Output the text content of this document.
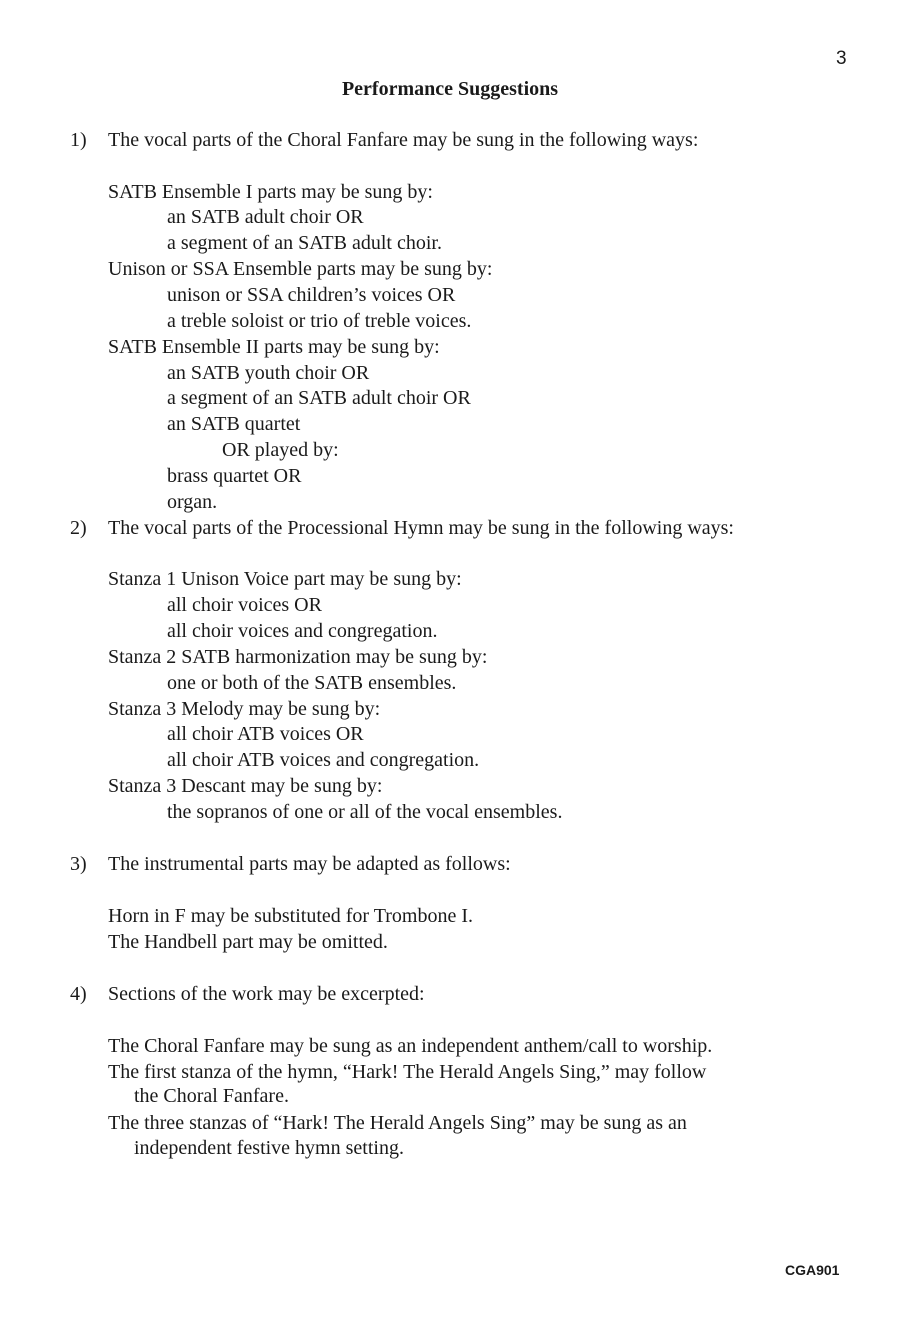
3
Performance Suggestions
1) The vocal parts of the Choral Fanfare may be sung in the following ways:
SATB Ensemble I parts may be sung by:
an SATB adult choir OR
a segment of an SATB adult choir.
Unison or SSA Ensemble parts may be sung by:
unison or SSA children’s voices OR
a treble soloist or trio of treble voices.
SATB Ensemble II parts may be sung by:
an SATB youth choir OR
a segment of an SATB adult choir OR
an SATB quartet
OR played by:
brass quartet OR
organ.
2) The vocal parts of the Processional Hymn may be sung in the following ways:
Stanza 1 Unison Voice part may be sung by:
all choir voices OR
all choir voices and congregation.
Stanza 2 SATB harmonization may be sung by:
one or both of the SATB ensembles.
Stanza 3 Melody may be sung by:
all choir ATB voices OR
all choir ATB voices and congregation.
Stanza 3 Descant may be sung by:
the sopranos of one or all of the vocal ensembles.
3) The instrumental parts may be adapted as follows:
Horn in F may be substituted for Trombone I.
The Handbell part may be omitted.
4) Sections of the work may be excerpted:
The Choral Fanfare may be sung as an independent anthem/call to worship.
The first stanza of the hymn, “Hark! The Herald Angels Sing,” may follow
the Choral Fanfare.
The three stanzas of “Hark! The Herald Angels Sing” may be sung as an
independent festive hymn setting.
CGA901
